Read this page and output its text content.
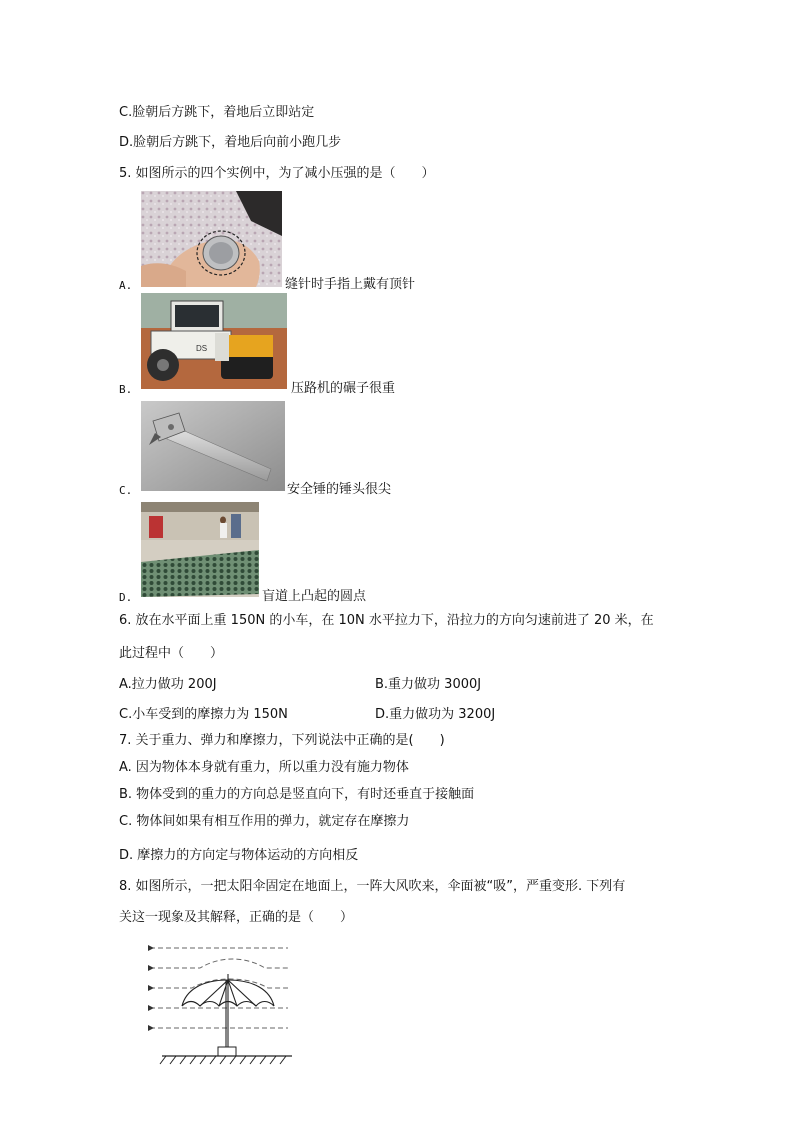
C.脸朝后方跳下，着地后立即站定
D.脸朝后方跳下，着地后向前小跑几步
5. 如图所示的四个实例中，为了减小压强的是（　　）
A.	缝针时手指上戴有顶针
DS
B.	压路机的碾子很重
C.	安全锤的锤头很尖
D.	盲道上凸起的圆点
6. 放在水平面上重 150N 的小车，在 10N 水平拉力下，沿拉力的方向匀速前进了 20 米，在
此过程中（　　）
A.拉力做功 200J	B.重力做功 3000J
C.小车受到的摩擦力为 150N	D.重力做功为 3200J
7. 关于重力、弹力和摩擦力，下列说法中正确的是(　　)
A. 因为物体本身就有重力，所以重力没有施力物体
B. 物体受到的重力的方向总是竖直向下，有时还垂直于接触面
C. 物体间如果有相互作用的弹力，就定存在摩擦力
D. 摩擦力的方向定与物体运动的方向相反
8. 如图所示，一把太阳伞固定在地面上，一阵大风吹来，伞面被“吸”，严重变形. 下列有
关这一现象及其解释，正确的是（　　）
